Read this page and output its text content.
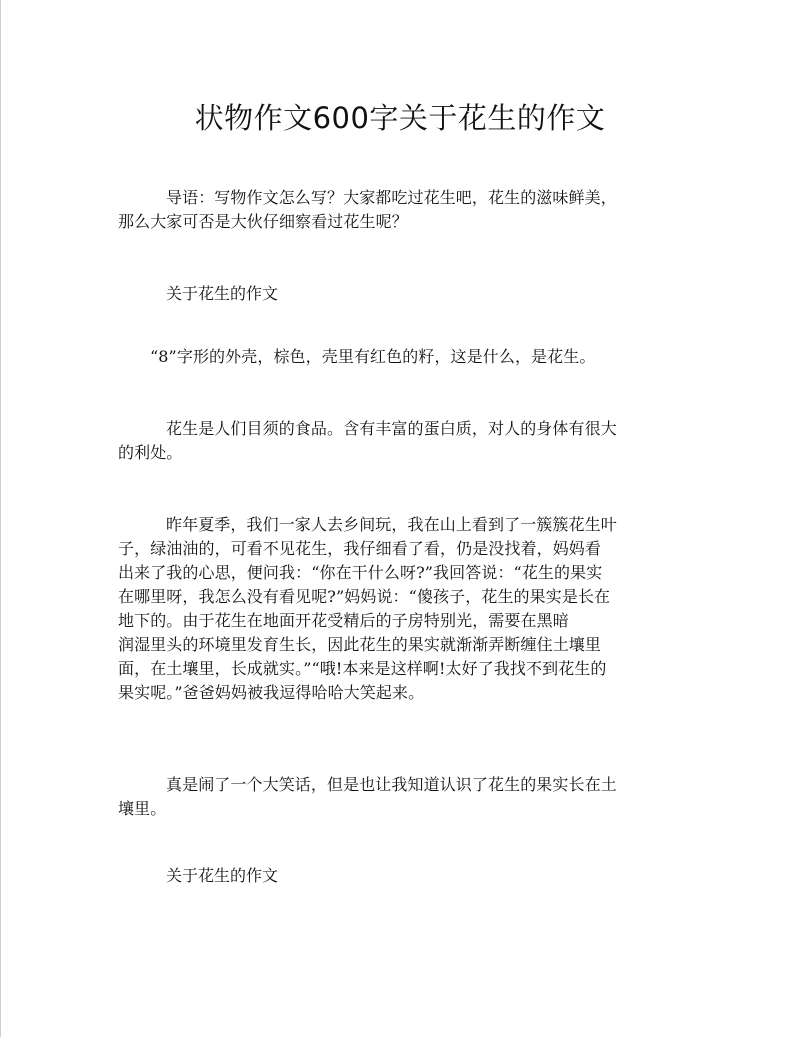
状物作文600字关于花生的作文
导语：写物作文怎么写？大家都吃过花生吧，花生的滋味鲜美，
那么大家可否是大伙仔细察看过花生呢？
关于花生的作文
“8”字形的外壳，棕色，壳里有红色的籽，这是什么，是花生。
花生是人们目须的食品。含有丰富的蛋白质，对人的身体有很大
的利处。
昨年夏季，我们一家人去乡间玩，我在山上看到了一簇簇花生叶
子，绿油油的，可看不见花生，我仔细看了看，仍是没找着，妈妈看
出来了我的心思，便问我：“你在干什么呀?”我回答说：“花生的果实
在哪里呀，我怎么没有看见呢?”妈妈说：“傻孩子，花生的果实是长在
地下的。由于花生在地面开花受精后的子房特别光，需要在黑暗
润湿里头的环境里发育生长，因此花生的果实就渐渐弄断缠住土壤里
面，在土壤里，长成就实。”“哦!本来是这样啊!太好了我找不到花生的
果实呢。”爸爸妈妈被我逗得哈哈大笑起来。
真是闹了一个大笑话，但是也让我知道认识了花生的果实长在土
壤里。
关于花生的作文
